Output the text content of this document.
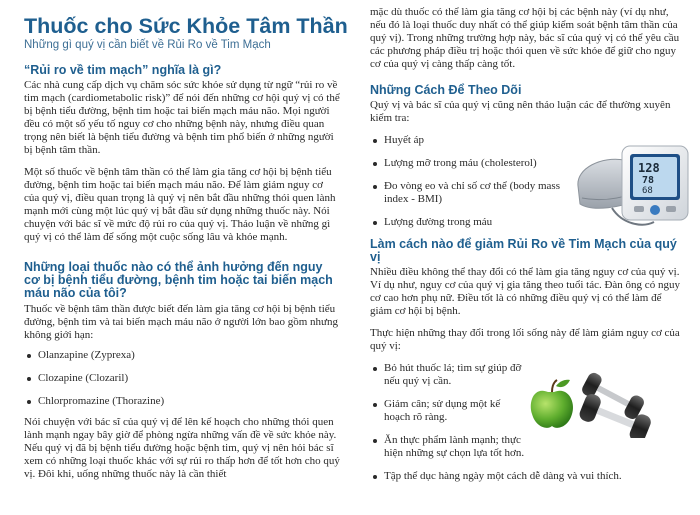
Thuốc cho Sức Khỏe Tâm Thần
Những gì quý vị cần biết về Rủi Ro về Tim Mạch
“Rủi ro về tim mạch” nghĩa là gì?

Các nhà cung cấp dịch vụ chăm sóc sức khỏe sử dụng từ ngữ “rủi ro về tim mạch (cardiometabolic risk)” để nói đến những cơ hội quý vị có thể bị bệnh tiểu đường, bệnh tim hoặc tai biến mạch máu não. Mọi người đều có một số yếu tố nguy cơ cho những bệnh này, nhưng điều quan trọng nên biết là bệnh tiểu đường và bệnh tim phổ biến ở những người bị bệnh tâm thần.

Một số thuốc về bệnh tâm thần có thể làm gia tăng cơ hội bị bệnh tiểu đường, bệnh tim hoặc tai biến mạch máu não. Để làm giảm nguy cơ của quý vị, điều quan trọng là quý vị nên bắt đầu những thói quen lành mạnh mới cùng một lúc quý vị bắt đầu sử dụng những thuốc này. Nói chuyện với bác sĩ về mức độ rủi ro của quý vị. Thảo luận về những gì quý vị có thể làm để sống một cuộc sống lâu và khỏe mạnh.

Những loại thuốc nào có thể ảnh hưởng đến nguy cơ bị bệnh tiểu đường, bệnh tim hoặc tai biến mạch máu não của tôi?

Thuốc về bệnh tâm thần được biết đến làm gia tăng cơ hội bị bệnh tiểu đường, bệnh tim và tai biến mạch máu não ở người lớn bao gồm nhưng không giới hạn:

Olanzapine (Zyprexa)
Clozapine (Clozaril)
Chlorpromazine (Thorazine)

Nói chuyện với bác sĩ của quý vị để lên kế hoạch cho những thói quen lành mạnh ngay bây giờ để phòng ngừa những vấn đề về sức khỏe này. Nếu quý vị đã bị bệnh tiểu đường hoặc bệnh tim, quý vị nên hỏi bác sĩ xem có những loại thuốc khác với sự rủi ro thấp hơn để tốt hơn cho quý vị. Đôi khi, uống những thuốc này là cần thiết

mặc dù thuốc có thể làm gia tăng cơ hội bị các bệnh này (ví dụ như, nếu đó là loại thuốc duy nhất có thể giúp kiểm soát bệnh tâm thần của quý vị). Trong những trường hợp này, bác sĩ của quý vị có thể yêu cầu các phương pháp điều trị hoặc thói quen về sức khỏe để giữ cho nguy cơ của quý vị càng thấp càng tốt.

Những Cách Để Theo Dõi

Quý vị và bác sĩ của quý vị cũng nên thảo luận các để thường xuyên kiểm tra:

Huyết áp
Lượng mỡ trong máu (cholesterol)
Đo vòng eo và chỉ số cơ thể (body mass index - BMI)
Lượng đường trong máu
Làm cách nào để giảm Rủi Ro về Tim Mạch của quý vị

Nhiều điều không thể thay đổi có thể làm gia tăng nguy cơ của quý vị. Ví dụ như, nguy cơ của quý vị gia tăng theo tuổi tác. Đàn ông có nguy cơ cao hơn phụ nữ. Điều tốt là có những điều quý vị có thể làm để giảm cơ hội bị bệnh.

Thực hiện những thay đổi trong lối sống này để làm giảm nguy cơ của quý vị:

Bỏ hút thuốc lá; tìm sự giúp đỡ nếu quý vị cần.
Giảm cân; sử dụng một kế hoạch rõ ràng.
Ăn thực phẩm lành mạnh; thực hiện những sự chọn lựa tốt hơn.
Tập thể dục hàng ngày một cách dễ dàng và vui thích.
128
78
68
